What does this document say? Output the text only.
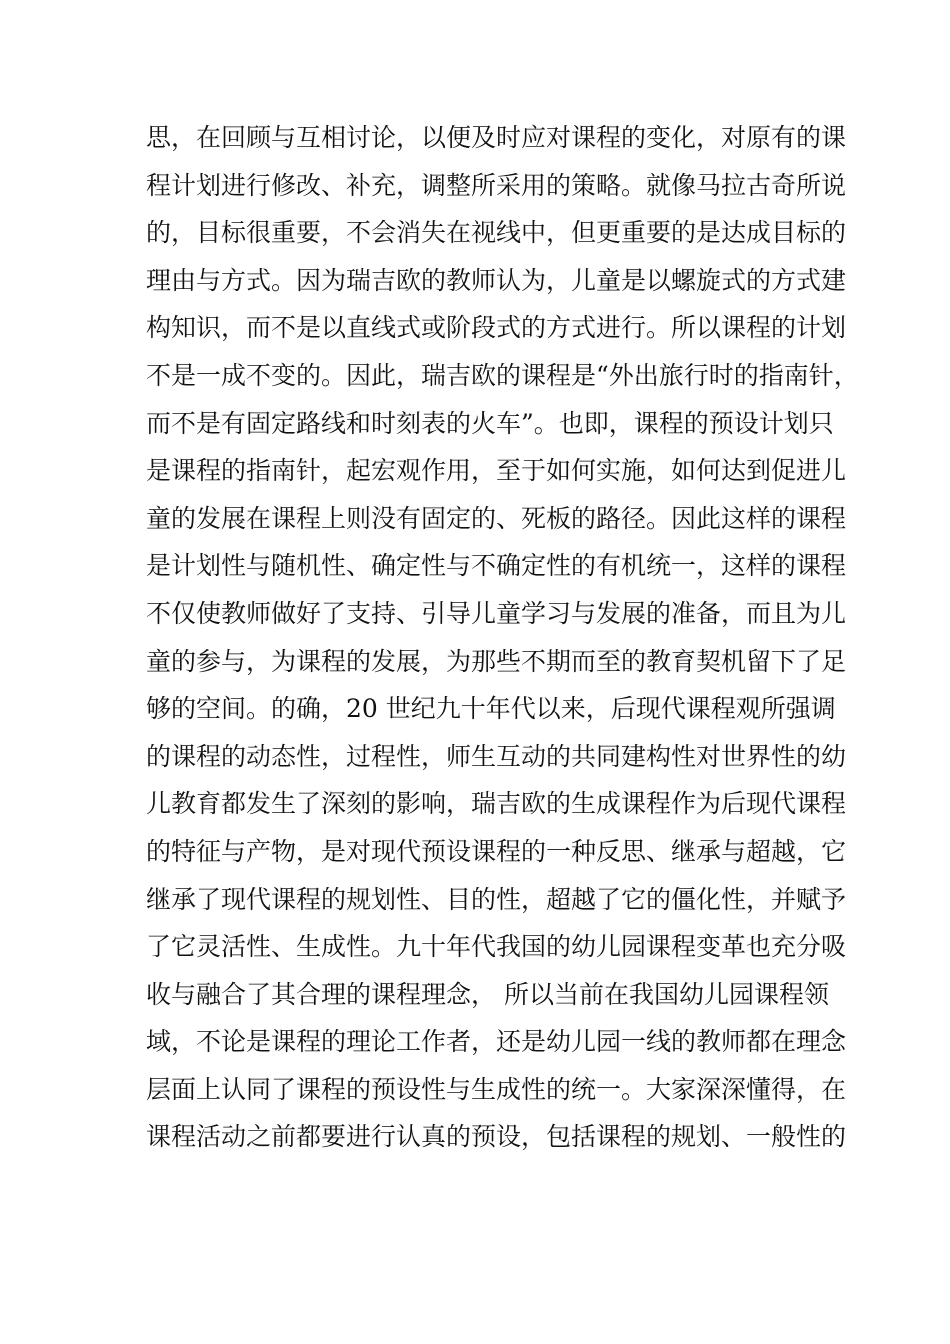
思，在回顾与互相讨论，以便及时应对课程的变化，对原有的课
程计划进行修改、补充，调整所采用的策略。就像马拉古奇所说
的，目标很重要，不会消失在视线中，但更重要的是达成目标的
理由与方式。因为瑞吉欧的教师认为，儿童是以螺旋式的方式建
构知识，而不是以直线式或阶段式的方式进行。所以课程的计划
不是一成不变的。因此，瑞吉欧的课程是“外出旅行时的指南针，
而不是有固定路线和时刻表的火车”。也即，课程的预设计划只
是课程的指南针，起宏观作用，至于如何实施，如何达到促进儿
童的发展在课程上则没有固定的、死板的路径。因此这样的课程
是计划性与随机性、确定性与不确定性的有机统一，这样的课程
不仅使教师做好了支持、引导儿童学习与发展的准备，而且为儿
童的参与，为课程的发展，为那些不期而至的教育契机留下了足
够的空间。的确，20 世纪九十年代以来，后现代课程观所强调
的课程的动态性，过程性，师生互动的共同建构性对世界性的幼
儿教育都发生了深刻的影响，瑞吉欧的生成课程作为后现代课程
的特征与产物，是对现代预设课程的一种反思、继承与超越，它
继承了现代课程的规划性、目的性，超越了它的僵化性，并赋予
了它灵活性、生成性。九十年代我国的幼儿园课程变革也充分吸
收与融合了其合理的课程理念， 所以当前在我国幼儿园课程领
域，不论是课程的理论工作者，还是幼儿园一线的教师都在理念
层面上认同了课程的预设性与生成性的统一。大家深深懂得，在
课程活动之前都要进行认真的预设，包括课程的规划、一般性的
